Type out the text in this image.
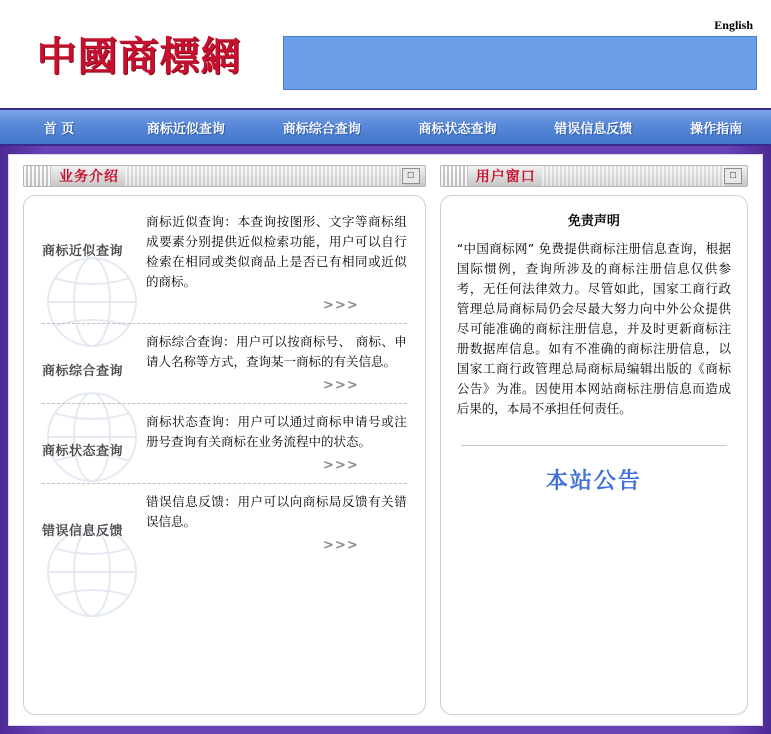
中國商標網
English
首 页	商标近似查询	商标综合查询	商标状态查询	错误信息反馈	操作指南
业务介绍	☐
商标近似查询
商标近似查询：本查询按图形、文字等商标组成要素分别提供近似检索功能，用户可以自行检索在相同或类似商品上是否已有相同或近似的商标。
>>>
商标综合查询
商标综合查询：用户可以按商标号、 商标、申请人名称等方式，查询某一商标的有关信息。
>>>
商标状态查询
商标状态查询：用户可以通过商标申请号或注册号查询有关商标在业务流程中的状态。
>>>
错误信息反馈
错误信息反馈：用户可以向商标局反馈有关错误信息。
>>>
用户窗口	☐
免责声明
“中国商标网” 免费提供商标注册信息查询，根据国际惯例，查询所涉及的商标注册信息仅供参考，无任何法律效力。尽管如此，国家工商行政管理总局商标局仍会尽最大努力向中外公众提供尽可能准确的商标注册信息，并及时更新商标注册数据库信息。如有不准确的商标注册信息，以国家工商行政管理总局商标局编辑出版的《商标公告》为准。因使用本网站商标注册信息而造成后果的，本局不承担任何责任。
本站公告
